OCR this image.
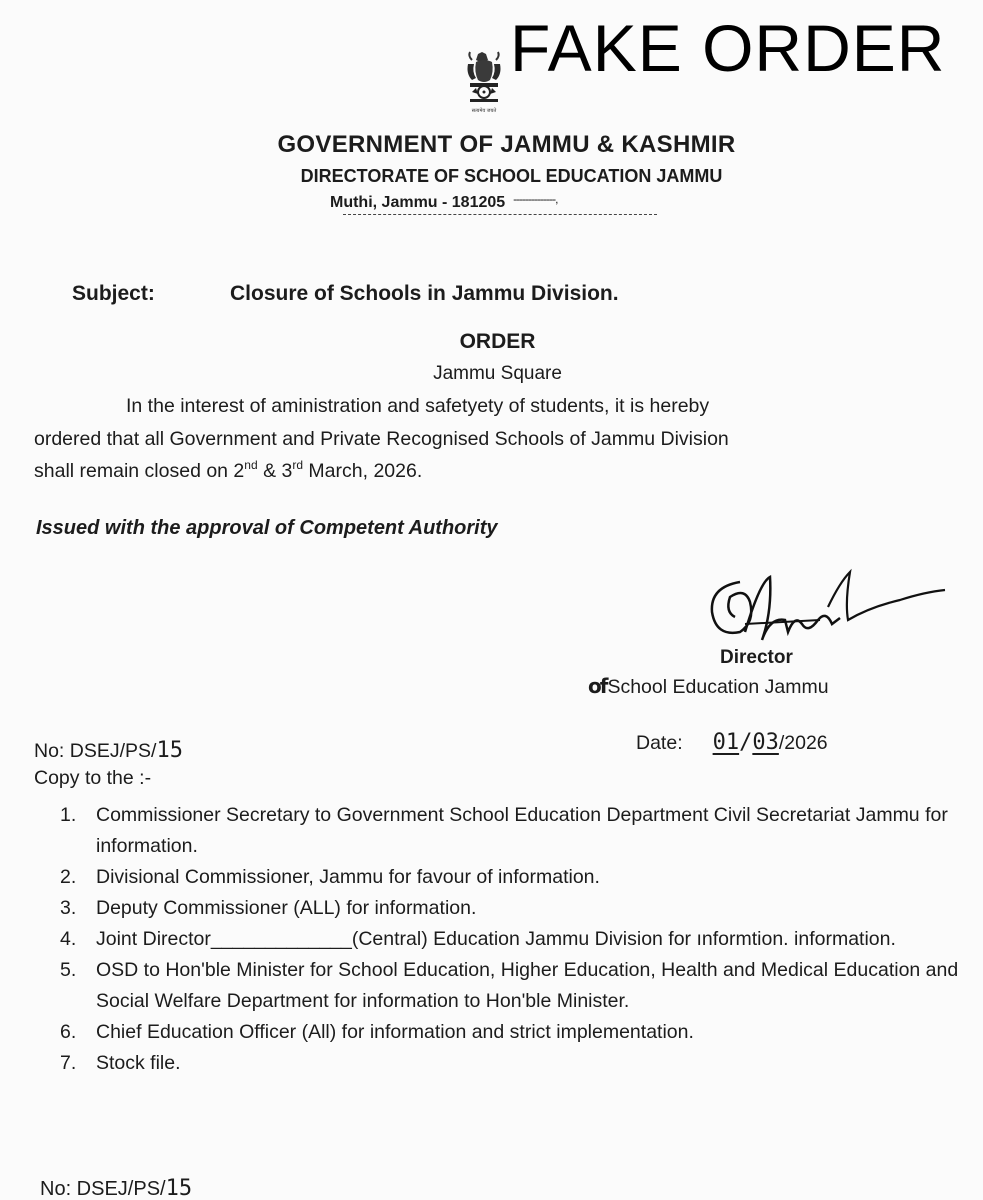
FAKE ORDER
सत्यमेव जयते
GOVERNMENT OF JAMMU & KASHMIR
DIRECTORATE OF SCHOOL EDUCATION JAMMU
Muthi, Jammu - 181205 --------------,
Subject:	Closure of Schools in Jammu Division.
ORDER
Jammu Square
In the interest of aministration and safetyety of students, it is hereby
ordered that all Government and Private Recognised Schools of Jammu Division
shall remain closed on 2nd & 3rd March, 2026.
Issued with the approval of Competent Authority
Director
ofSchool Education Jammu
No: DSEJ/PS/15	Date: 01/03/2026
Copy to the :-
1.	Commissioner Secretary to Government School Education Department Civil Secretariat Jammu for information.
2.	Divisional Commissioner, Jammu for favour of information.
3.	Deputy Commissioner (ALL) for information.
4.	Joint Director_____________(Central) Education Jammu Division for ınformtion. information.
5.	OSD to Hon'ble Minister for School Education, Higher Education, Health and Medical Education and Social Welfare Department for information to Hon'ble Minister.
6.	Chief Education Officer (All) for information and strict implementation.
7.	Stock file.
No: DSEJ/PS/15
